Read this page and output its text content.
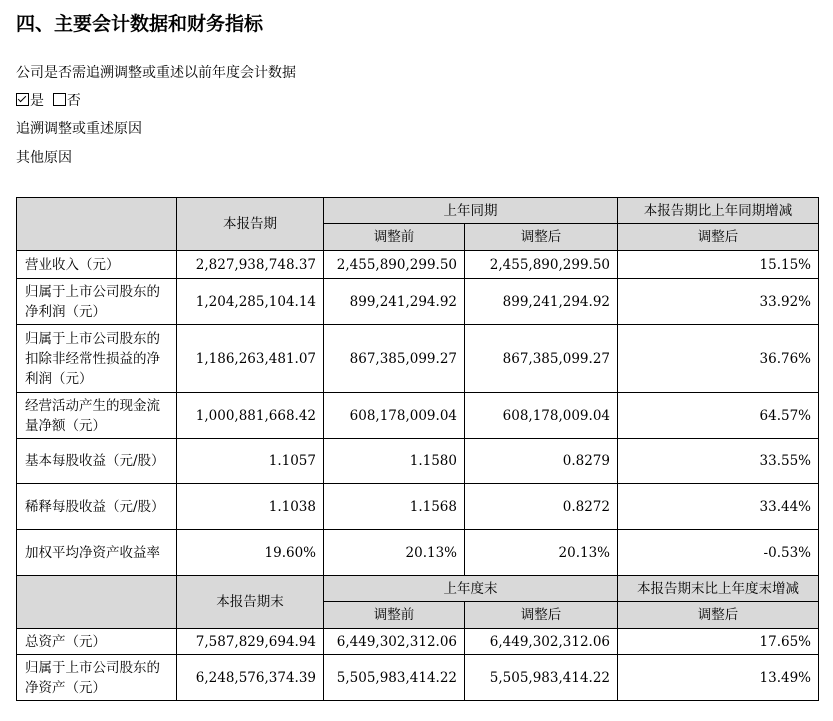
四、主要会计数据和财务指标
公司是否需追溯调整或重述以前年度会计数据
是 否
追溯调整或重述原因
其他原因
	本报告期	上年同期		本报告期比上年同期增减
		调整前	调整后	调整后
营业收入（元）	2,827,938,748.37	2,455,890,299.50	2,455,890,299.50	15.15%
归属于上市公司股东的净利润（元）	1,204,285,104.14	899,241,294.92	899,241,294.92	33.92%
归属于上市公司股东的扣除非经常性损益的净利润（元）	1,186,263,481.07	867,385,099.27	867,385,099.27	36.76%
经营活动产生的现金流量净额（元）	1,000,881,668.42	608,178,009.04	608,178,009.04	64.57%
基本每股收益（元/股）	1.1057	1.1580	0.8279	33.55%
稀释每股收益（元/股）	1.1038	1.1568	0.8272	33.44%
加权平均净资产收益率	19.60%	20.13%	20.13%	-0.53%
	本报告期末	上年度末		本报告期末比上年度末增减
		调整前	调整后	调整后
总资产（元）	7,587,829,694.94	6,449,302,312.06	6,449,302,312.06	17.65%
归属于上市公司股东的净资产（元）	6,248,576,374.39	5,505,983,414.22	5,505,983,414.22	13.49%
